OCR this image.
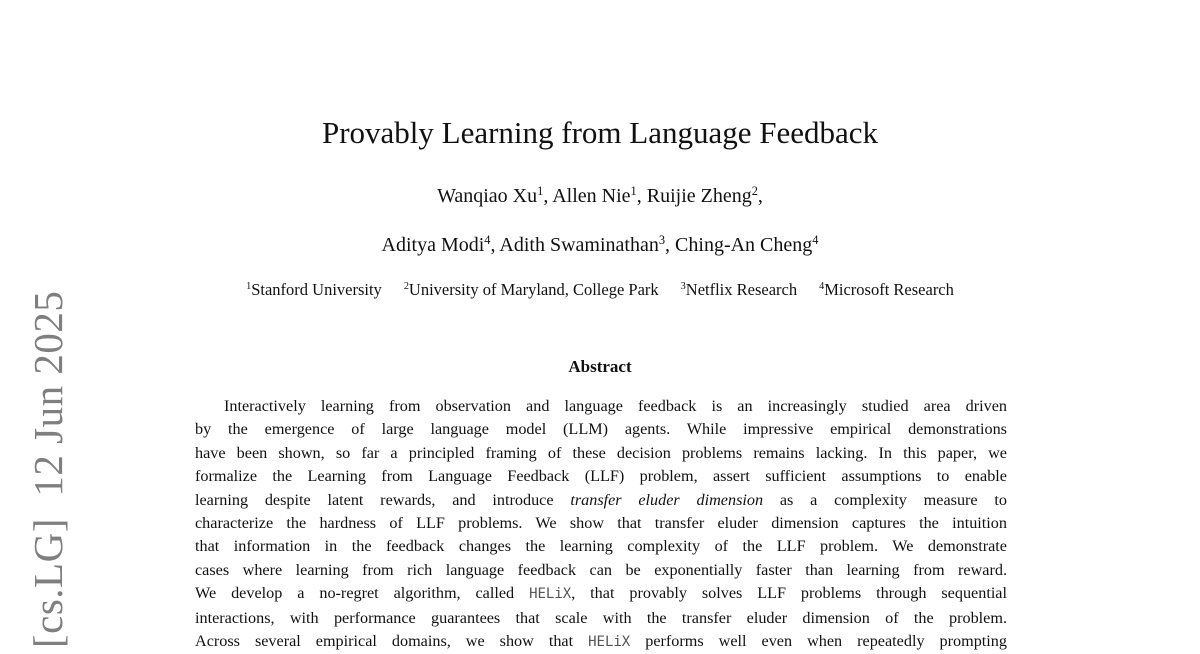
[cs.LG]  12 Jun 2025
Provably Learning from Language Feedback
Wanqiao Xu$^1$, Allen Nie$^1$, Ruijie Zheng$^2$,
Aditya Modi$^4$, Adith Swaminathan$^3$, Ching-An Cheng$^4$
$^1$Stanford University $^2$University of Maryland, College Park $^3$Netflix Research $^4$Microsoft Research
Abstract
Interactively learning from observation and language feedback is an increasingly studied area driven
by the emergence of large language model (LLM) agents. While impressive empirical demonstrations
have been shown, so far a principled framing of these decision problems remains lacking. In this paper, we
formalize the Learning from Language Feedback (LLF) problem, assert sufficient assumptions to enable
learning despite latent rewards, and introduce transfer eluder dimension as a complexity measure to
characterize the hardness of LLF problems. We show that transfer eluder dimension captures the intuition
that information in the feedback changes the learning complexity of the LLF problem. We demonstrate
cases where learning from rich language feedback can be exponentially faster than learning from reward.
We develop a no-regret algorithm, called HELiX, that provably solves LLF problems through sequential
interactions, with performance guarantees that scale with the transfer eluder dimension of the problem.
Across several empirical domains, we show that HELiX performs well even when repeatedly prompting
